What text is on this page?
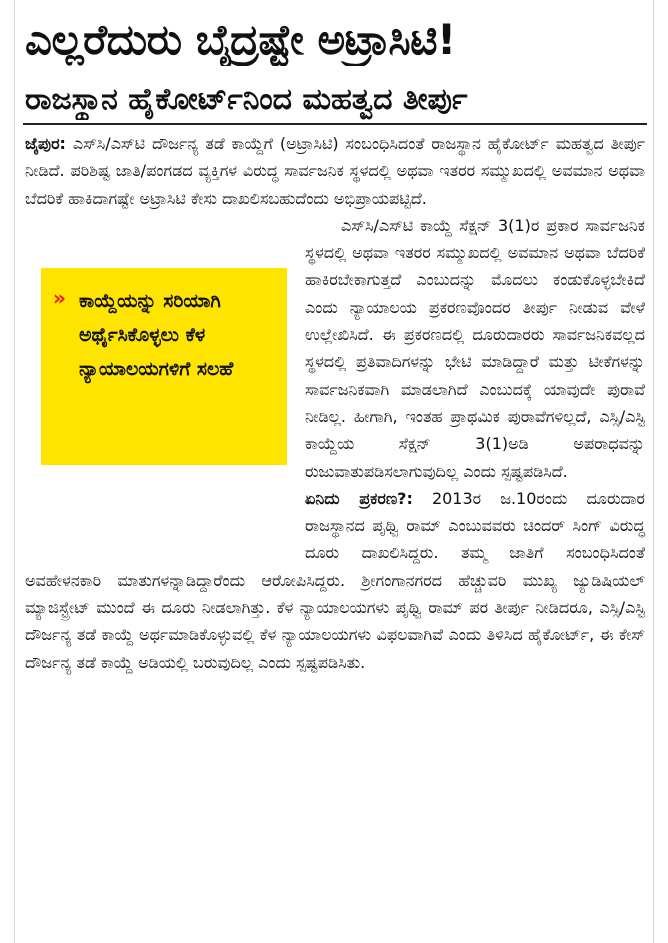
ಎಲ್ಲರೆದುರು ಬೈದ್ರಷ್ಟೇ ಅಟ್ರಾಸಿಟಿ!
ರಾಜಸ್ಥಾನ ಹೈಕೋರ್ಟ್‌ನಿಂದ ಮಹತ್ವದ ತೀರ್ಪು

ಜೈಪುರ: ಎಸ್‌ಸಿ/ಎಸ್‌ಟಿ ದೌರ್ಜನ್ಯ ತಡೆ ಕಾಯ್ದೆಗೆ (ಅಟ್ರಾಸಿಟಿ) ಸಂಬಂಧಿಸಿದಂತೆ ರಾಜಸ್ಥಾನ ಹೈಕೋರ್ಟ್ ಮಹತ್ವದ ತೀರ್ಪು ನೀಡಿದೆ. ಪರಿಶಿಷ್ಟ ಜಾತಿ/ಪಂಗಡದ ವ್ಯಕ್ತಿಗಳ ವಿರುದ್ಧ ಸಾರ್ವಜನಿಕ ಸ್ಥಳದಲ್ಲಿ ಅಥವಾ ಇತರರ ಸಮ್ಮುಖದಲ್ಲಿ ಅವಮಾನ ಅಥವಾ ಬೆದರಿಕೆ ಹಾಕಿದಾಗಷ್ಟೇ ಅಟ್ರಾಸಿಟಿ ಕೇಸು ದಾಖಲಿಸಬಹುದೆಂದು ಅಭಿಪ್ರಾಯಪಟ್ಟಿದೆ.

ಎಸ್‌ಸಿ/ಎಸ್‌ಟಿ ಕಾಯ್ದೆ ಸೆಕ್ಷನ್ 3(1)ರ ಪ್ರಕಾರ ಸಾರ್ವಜನಿಕ ಸ್ಥಳದಲ್ಲಿ ಅಥವಾ ಇತರರ ಸಮ್ಮುಖದಲ್ಲಿ ಅವಮಾನ ಅಥವಾ ಬೆದರಿಕೆ ಹಾಕಿರಬೇಕಾಗುತ್ತದೆ ಎಂಬುದನ್ನು ಮೊದಲು ಕಂಡುಕೊಳ್ಳಬೇಕಿದೆ ಎಂದು ನ್ಯಾಯಾಲಯ ಪ್ರಕರಣವೊಂದರ ತೀರ್ಪು ನೀಡುವ ವೇಳೆ ಉಲ್ಲೇಖಿಸಿದೆ. ಈ ಪ್ರಕರಣದಲ್ಲಿ ದೂರುದಾರರು ಸಾರ್ವಜನಿಕವಲ್ಲದ ಸ್ಥಳದಲ್ಲಿ ಪ್ರತಿವಾದಿಗಳನ್ನು ಭೇಟಿ ಮಾಡಿದ್ದಾರೆ ಮತ್ತು ಟೀಕೆಗಳನ್ನು ಸಾರ್ವಜನಿಕವಾಗಿ ಮಾಡಲಾಗಿದೆ ಎಂಬುದಕ್ಕೆ ಯಾವುದೇ ಪುರಾವೆ ನೀಡಿಲ್ಲ. ಹೀಗಾಗಿ, ಇಂತಹ ಪ್ರಾಥಮಿಕ ಪುರಾವೆಗಳಿಲ್ಲದೆ, ಎಸ್ಸಿ/ಎಸ್ಟಿ ಕಾಯ್ದೆಯ ಸೆಕ್ಷನ್ 3(1)ಅಡಿ ಅಪರಾಧವನ್ನು ರುಜುವಾತುಪಡಿಸಲಾಗುವುದಿಲ್ಲ ಎಂದು ಸ್ಪಷ್ಟಪಡಿಸಿದೆ.

ಏನಿದು ಪ್ರಕರಣ?: 2013ರ ಜ.10ರಂದು ದೂರುದಾರ ರಾಜಸ್ಥಾನದ ಪೃಥ್ವಿ ರಾಮ್ ಎಂಬುವವರು ಚಿಂದರ್ ಸಿಂಗ್ ವಿರುದ್ಧ ದೂರು ದಾಖಲಿಸಿದ್ದರು. ತಮ್ಮ ಜಾತಿಗೆ ಸಂಬಂಧಿಸಿದಂತೆ ಅವಹೇಳನಕಾರಿ ಮಾತುಗಳನ್ನಾಡಿದ್ದಾರೆಂದು ಆರೋಪಿಸಿದ್ದರು. ಶ್ರೀಗಂಗಾನಗರದ ಹೆಚ್ಚುವರಿ ಮುಖ್ಯ ಜ್ಯುಡಿಷಿಯಲ್ ಮ್ಯಾಜಿಸ್ಟ್ರೇಟ್ ಮುಂದೆ ಈ ದೂರು ನೀಡಲಾಗಿತ್ತು. ಕೆಳ ನ್ಯಾಯಾಲಯಗಳು ಪೃಥ್ವಿ ರಾಮ್ ಪರ ತೀರ್ಪು ನೀಡಿದರೂ, ಎಸ್ಸಿ/ಎಸ್ಟಿ ದೌರ್ಜನ್ಯ ತಡೆ ಕಾಯ್ದೆ ಅರ್ಥಮಾಡಿಕೊಳ್ಳುವಲ್ಲಿ ಕೆಳ ನ್ಯಾಯಾಲಯಗಳು ವಿಫಲವಾಗಿವೆ ಎಂದು ತಿಳಿಸಿದ ಹೈಕೋರ್ಟ್, ಈ ಕೇಸ್ ದೌರ್ಜನ್ಯ ತಡೆ ಕಾಯ್ದೆ ಅಡಿಯಲ್ಲಿ ಬರುವುದಿಲ್ಲ ಎಂದು ಸ್ಪಷ್ಟಪಡಿಸಿತು.

» ಕಾಯ್ದೆಯನ್ನು ಸರಿಯಾಗಿ ಅರ್ಥೈಸಿಕೊಳ್ಳಲು ಕೆಳ ನ್ಯಾಯಾಲಯಗಳಿಗೆ ಸಲಹೆ
